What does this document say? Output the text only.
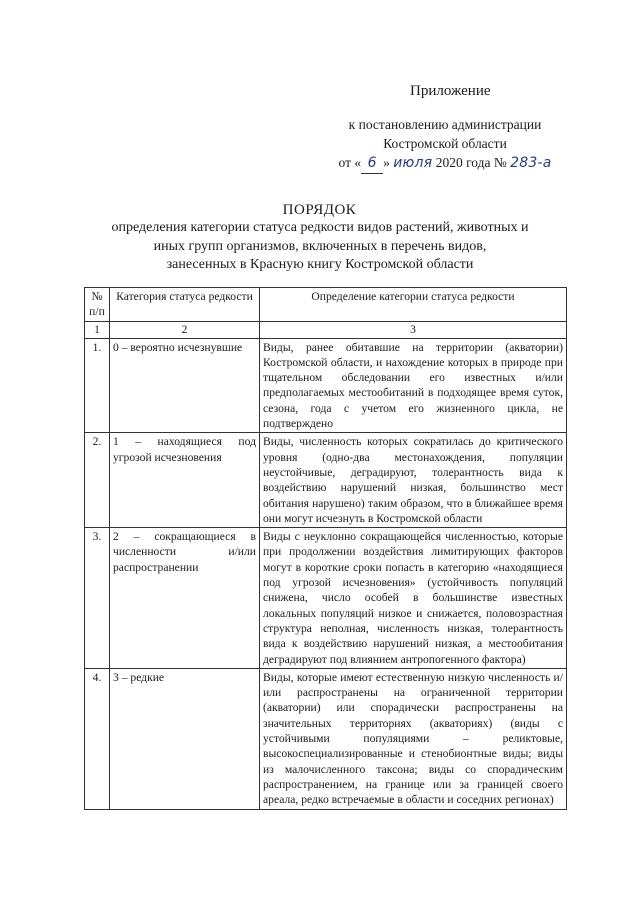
Приложение
к постановлению администрации
Костромской области
от « 6 » июля 2020 года № 283-а
ПОРЯДОК
определения категории статуса редкости видов растений, животных и
иных групп организмов, включенных в перечень видов,
занесенных в Красную книгу Костромской области
№ п/п	Категория статуса редкости	Определение категории статуса редкости
1	2	3
1.	0 – вероятно исчезнувшие	Виды, ранее обитавшие на территории (акватории) Костромской области, и нахождение которых в природе при тщательном обследовании его известных и/или предполагаемых местообитаний в подходящее время суток, сезона, года с учетом его жизненного цикла, не подтверждено
2.	1 – находящиеся под угрозой исчезновения	Виды, численность которых сократилась до критического уровня (одно-два местонахождения, популяции неустойчивые, деградируют, толерантность вида к воздействию нарушений низкая, большинство мест обитания нарушено) таким образом, что в ближайшее время они могут исчезнуть в Костромской области
3.	2 – сокращающиеся в численности и/или распространении	Виды с неуклонно сокращающейся численностью, которые при продолжении воздействия лимитирующих факторов могут в короткие сроки попасть в категорию «находящиеся под угрозой исчезновения» (устойчивость популяций снижена, число особей в большинстве известных локальных популяций низкое и снижается, половозрастная структура неполная, численность низкая, толерантность вида к воздействию нарушений низкая, а местообитания деградируют под влиянием антропогенного фактора)
4.	3 – редкие	Виды, которые имеют естественную низкую численность и/или распространены на ограниченной территории (акватории) или спорадически распространены на значительных территориях (акваториях) (виды с устойчивыми популяциями – реликтовые, высокоспециализированные и стенобионтные виды; виды из малочисленного таксона; виды со спорадическим распространением, на границе или за границей своего ареала, редко встречаемые в области и соседних регионах)
